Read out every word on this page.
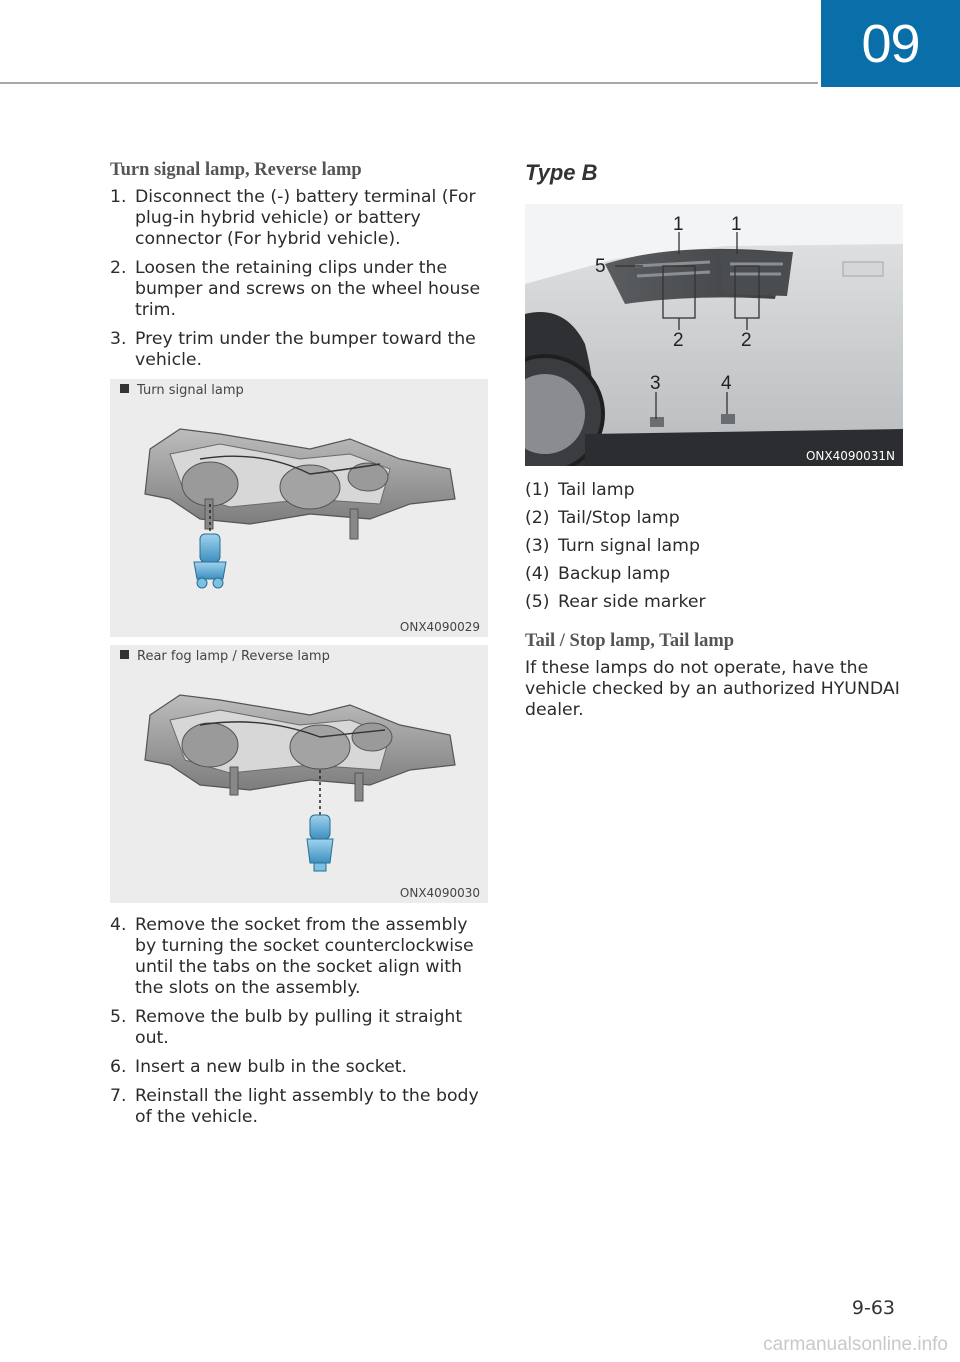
09
Turn signal lamp, Reverse lamp
1. Disconnect the (-) battery terminal (For plug-in hybrid vehicle) or battery connector (For hybrid vehicle).
2. Loosen the retaining clips under the bumper and screws on the wheel house trim.
3. Prey trim under the bumper toward the vehicle.
Turn signal lamp
ONX4090029
Rear fog lamp / Reverse lamp
ONX4090030
4. Remove the socket from the assembly by turning the socket counterclockwise until the tabs on the socket align with the slots on the assembly.
5. Remove the bulb by pulling it straight out.
6. Insert a new bulb in the socket.
7. Reinstall the light assembly to the body of the vehicle.
Type B
1 1
5
2	2
3	4
ONX4090031N
(1) Tail lamp
(2) Tail/Stop lamp
(3) Turn signal lamp
(4) Backup lamp
(5) Rear side marker
Tail / Stop lamp, Tail lamp

If these lamps do not operate, have the vehicle checked by an authorized HYUNDAI dealer.

9-63
carmanualsonline.info
